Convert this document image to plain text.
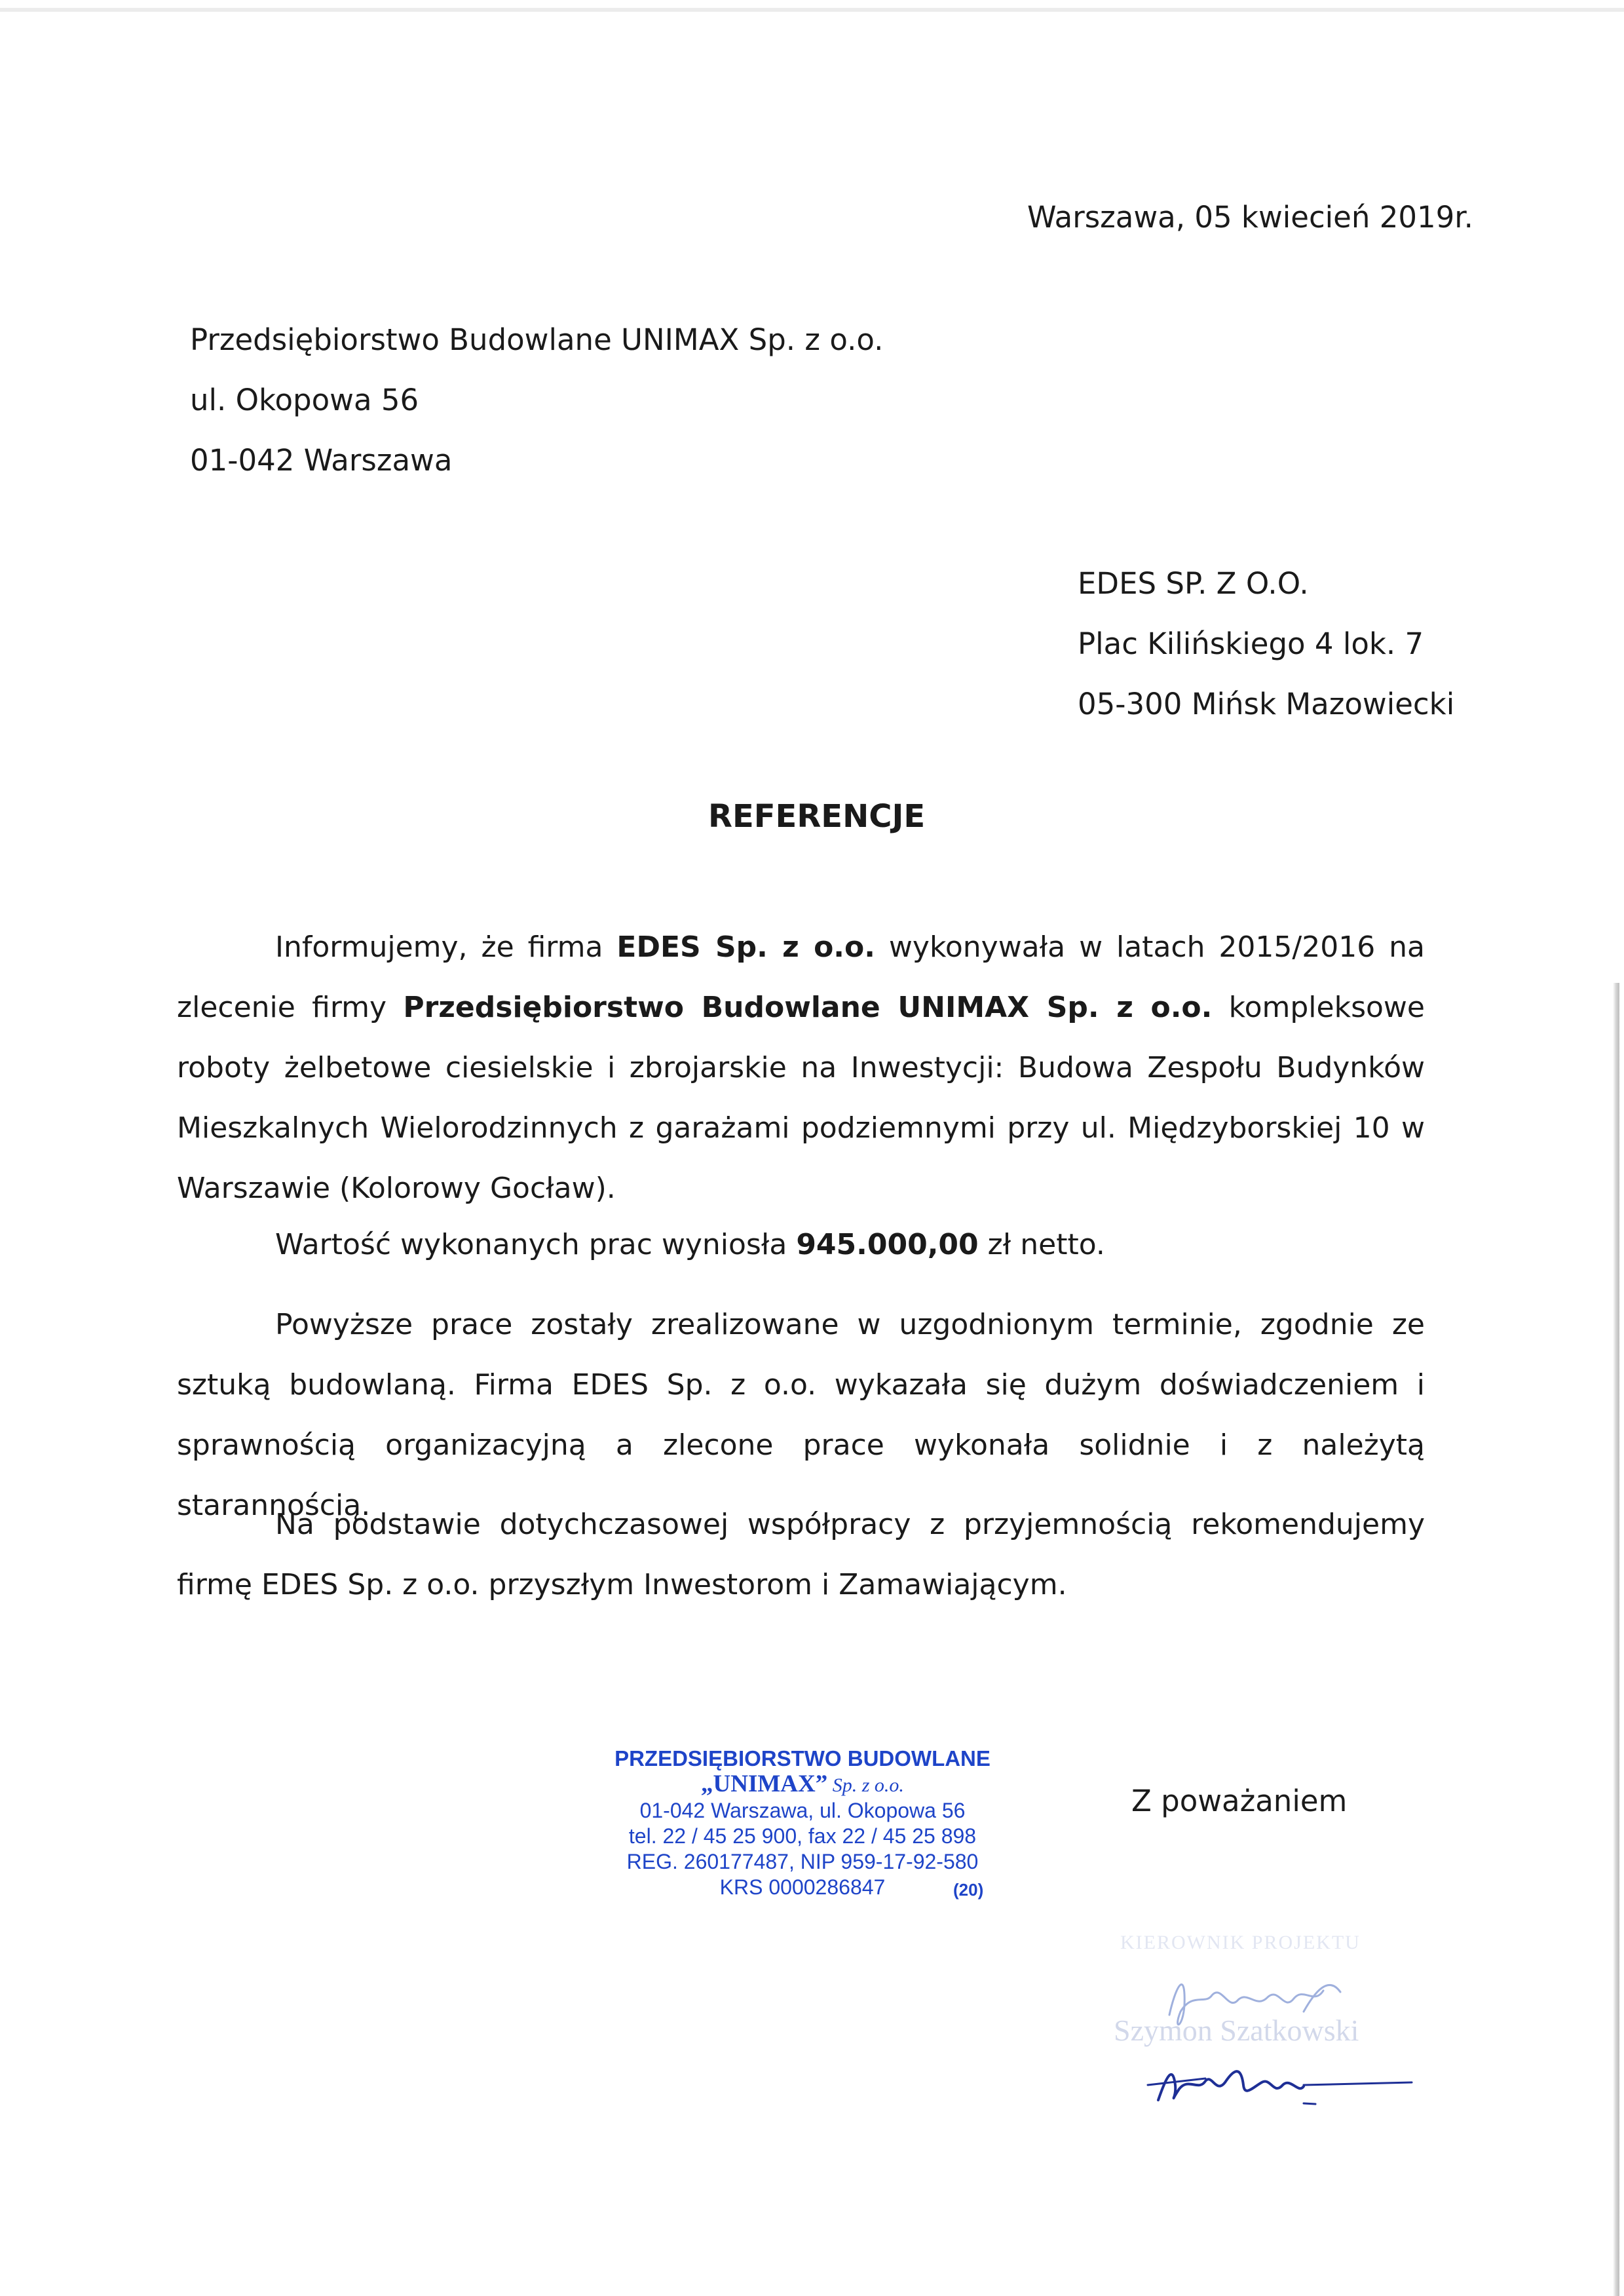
Warszawa, 05 kwiecień 2019r.
Przedsiębiorstwo Budowlane UNIMAX Sp. z o.o.
ul. Okopowa 56
01-042 Warszawa
EDES SP. Z O.O.
Plac Kilińskiego 4 lok. 7
05-300 Mińsk Mazowiecki
REFERENCJE

Informujemy, że firma EDES Sp. z o.o. wykonywała w latach 2015/2016 na zlecenie firmy Przedsiębiorstwo Budowlane UNIMAX Sp. z o.o. kompleksowe roboty żelbetowe ciesielskie i zbrojarskie na Inwestycji: Budowa Zespołu Budynków Mieszkalnych Wielorodzinnych z garażami podziemnymi przy ul. Międzyborskiej 10 w Warszawie (Kolorowy Gocław).

Wartość wykonanych prac wyniosła 945.000,00 zł netto.

Powyższe prace zostały zrealizowane w uzgodnionym terminie, zgodnie ze sztuką budowlaną. Firma EDES Sp. z o.o. wykazała się dużym doświadczeniem i sprawnością organizacyjną a zlecone prace wykonała solidnie i z należytą starannością.

Na podstawie dotychczasowej współpracy z przyjemnością rekomendujemy firmę EDES Sp. z o.o. przyszłym Inwestorom i Zamawiającym.

PRZEDSIĘBIORSTWO BUDOWLANE
„UNIMAX” Sp. z o.o.
01-042 Warszawa, ul. Okopowa 56
tel. 22 / 45 25 900, fax 22 / 45 25 898
REG. 260177487, NIP 959-17-92-580
KRS 0000286847	(20)
Z poważaniem
KIEROWNIK PROJEKTU
Szymon Szatkowski
